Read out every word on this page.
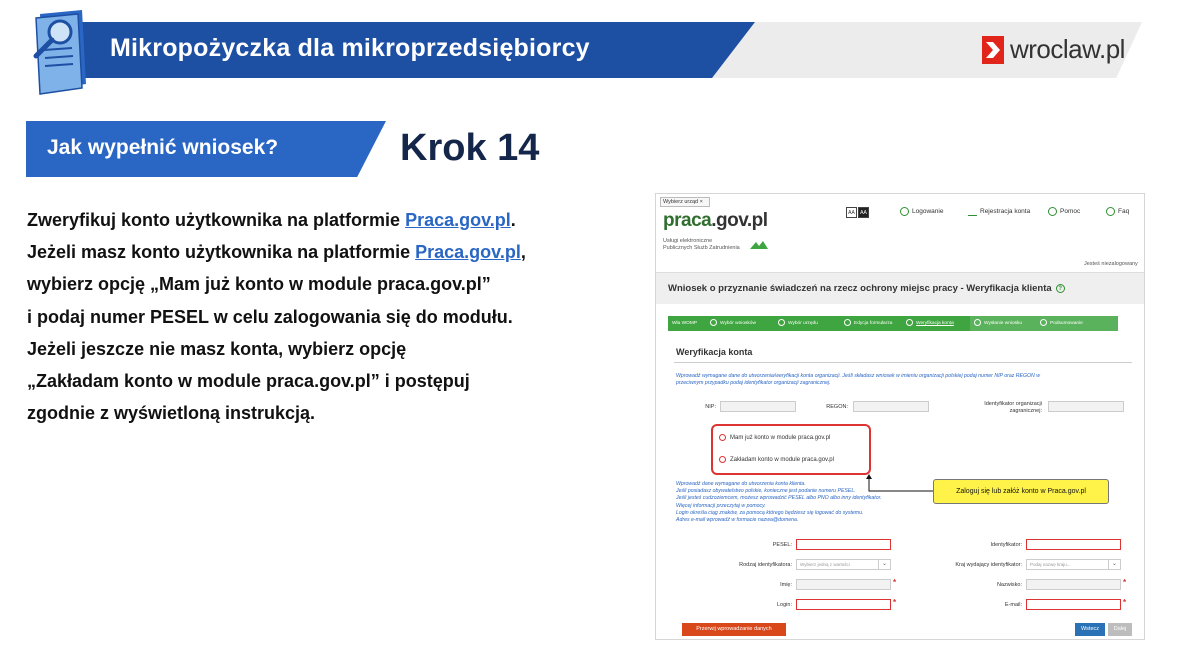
Mikropożyczka dla mikroprzedsiębiorcy	wroclaw.pl
Jak wypełnić wniosek?	Krok 14
Zweryfikuj konto użytkownika na platformie Praca.gov.pl.
Jeżeli masz konto użytkownika na platformie Praca.gov.pl,
wybierz opcję „Mam już konto w module praca.gov.pl”
i podaj numer PESEL w celu zalogowania się do modułu.
Jeżeli jeszcze nie masz konta, wybierz opcję
„Zakładam konto w module praca.gov.pl” i postępuj
zgodnie z wyświetloną instrukcją.
Wybierz urząd ×
praca.gov.pl
Usługi elektroniczne
Publicznych Służb Zatrudnienia
AA	AA	Logowanie	Rejestracja konta	Pomoc	Faq
Jesteś niezalogowany
Wniosek o przyznanie świadczeń na rzecz ochrony miejsc pracy - Weryfikacja klienta ?
Wła WOMP	Wybór wniosków	Wybór urzędu	Edycja formularza	Weryfikacja konta	Wysłanie wniosku	Podsumowanie
Weryfikacja konta
Wprowadź wymagane dane do utworzenia/weryfikacji konta organizacji. Jeśli składasz wniosek w imieniu organizacji polskiej podaj numer NIP oraz REGON w
przeciwnym przypadku podaj identyfikator organizacji zagranicznej.
NIP:	REGON:	Identyfikator organizacji
zagranicznej:
Mam już konto w module praca.gov.pl
Zakładam konto w module praca.gov.pl
Zaloguj się lub załóż konto w Praca.gov.pl
Wprowadź dane wymagane do utworzenia konta klienta.
Jeśli posiadasz obywatelstwo polskie, konieczne jest podanie numeru PESEL.
Jeśli jesteś cudzoziemcem, możesz wprowadzić PESEL albo PNO albo inny identyfikator.
Więcej informacji przeczytaj w pomocy.
Login określa ciąg znaków, za pomocą którego będziesz się logować do systemu.
Adres e-mail wprowadź w formacie nazwa@domena.
PESEL:	Identyfikator:
Rodzaj identyfikatora:	Wybierz jedną z wartości	⌄	Kraj wydający identyfikator:	Podaj nazwę kraju...	⌄
Imię:	*	Nazwisko:	*
Login:	*	E-mail:	*
Przerwij wprowadzanie danych	Wstecz	Dalej
